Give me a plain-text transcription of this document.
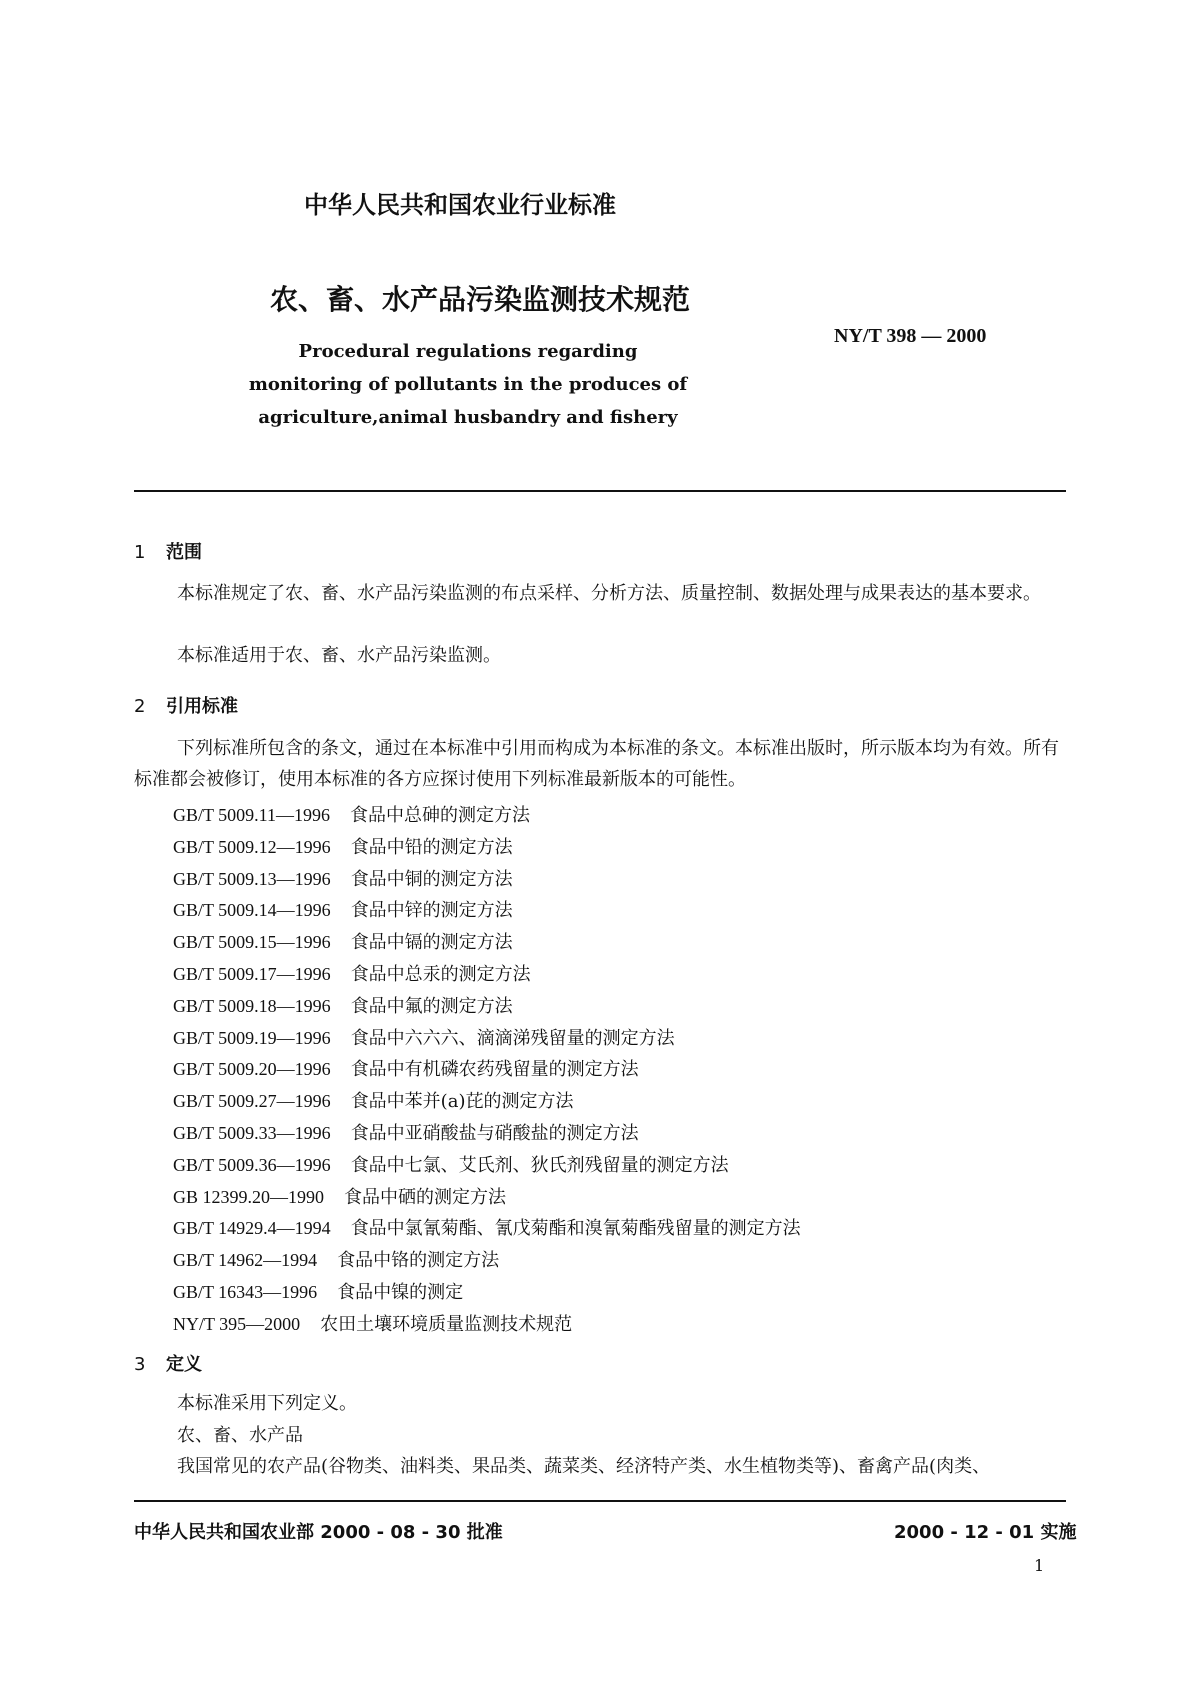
中华人民共和国农业行业标准
农、畜、水产品污染监测技术规范
NY/T 398 — 2000
Procedural regulations regarding
monitoring of pollutants in the produces of
agriculture,animal husbandry and fishery
1 范围
本标准规定了农、畜、水产品污染监测的布点采样、分析方法、质量控制、数据处理与成果表达的基本要求。
本标准适用于农、畜、水产品污染监测。
2 引用标准
下列标准所包含的条文，通过在本标准中引用而构成为本标准的条文。本标准出版时，所示版本均为有效。所有标准都会被修订，使用本标准的各方应探讨使用下列标准最新版本的可能性。
GB/T 5009.11—1996 食品中总砷的测定方法
GB/T 5009.12—1996 食品中铅的测定方法
GB/T 5009.13—1996 食品中铜的测定方法
GB/T 5009.14—1996 食品中锌的测定方法
GB/T 5009.15—1996 食品中镉的测定方法
GB/T 5009.17—1996 食品中总汞的测定方法
GB/T 5009.18—1996 食品中氟的测定方法
GB/T 5009.19—1996 食品中六六六、滴滴涕残留量的测定方法
GB/T 5009.20—1996 食品中有机磷农药残留量的测定方法
GB/T 5009.27—1996 食品中苯并(a)芘的测定方法
GB/T 5009.33—1996 食品中亚硝酸盐与硝酸盐的测定方法
GB/T 5009.36—1996 食品中七氯、艾氏剂、狄氏剂残留量的测定方法
GB 12399.20—1990 食品中硒的测定方法
GB/T 14929.4—1994 食品中氯氰菊酯、氰戊菊酯和溴氰菊酯残留量的测定方法
GB/T 14962—1994 食品中铬的测定方法
GB/T 16343—1996 食品中镍的测定
NY/T 395—2000 农田土壤环境质量监测技术规范
3 定义
本标准采用下列定义。
农、畜、水产品
我国常见的农产品(谷物类、油料类、果品类、蔬菜类、经济特产类、水生植物类等)、畜禽产品(肉类、
中华人民共和国农业部 2000 - 08 - 30 批准	2000 - 12 - 01 实施
1
